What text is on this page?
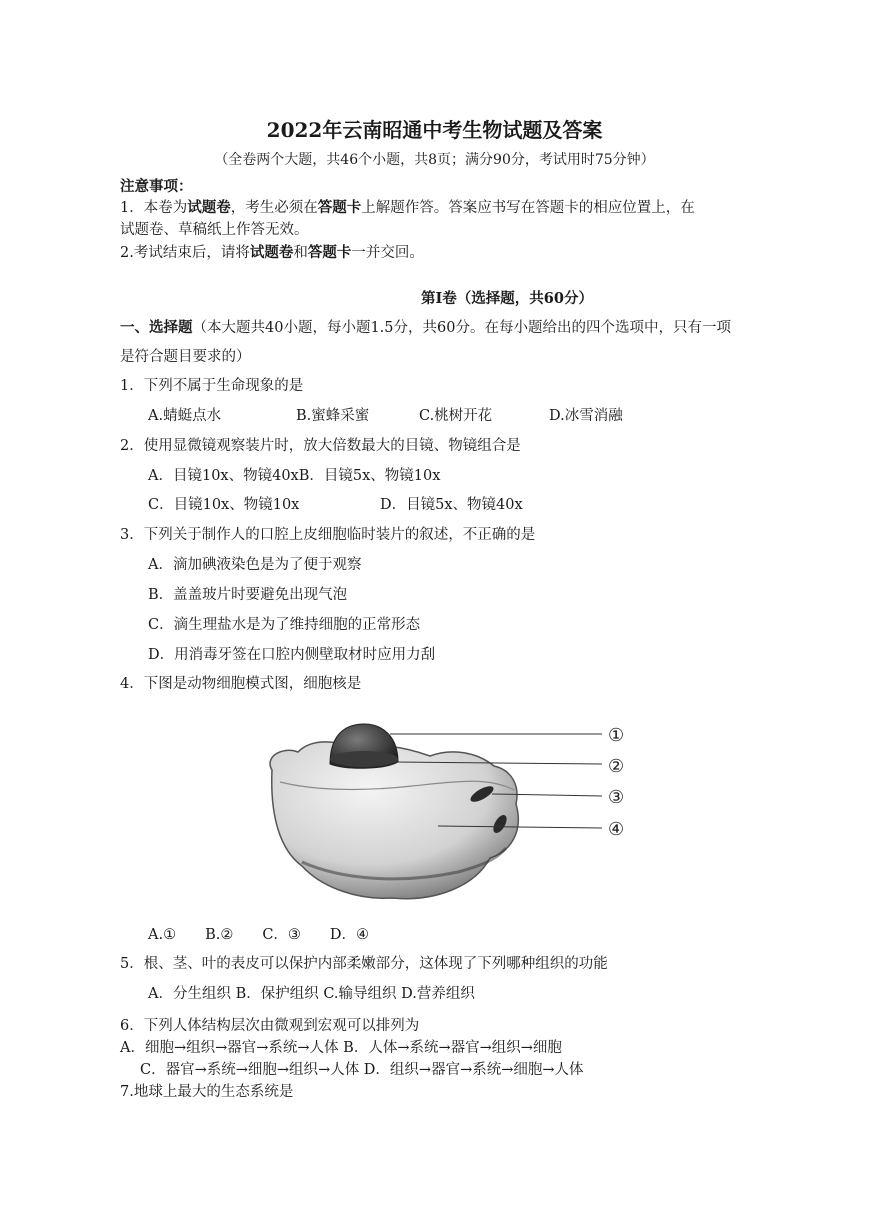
2022年云南昭通中考生物试题及答案
（全卷两个大题，共46个小题，共8页；满分90分，考试用时75分钟）
注意事项：
1．本卷为试题卷，考生必须在答题卡上解题作答。答案应书写在答题卡的相应位置上，在
试题卷、草稿纸上作答无效。
2.考试结束后，请将试题卷和答题卡一并交回。
第Ⅰ卷（选择题，共60分）
一、选择题（本大题共40小题，每小题1.5分，共60分。在每小题给出的四个选项中，只有一项
是符合题目要求的）
1．下列不属于生命现象的是
A.蜻蜓点水	B.蜜蜂采蜜	C.桃树开花	D.冰雪消融
2．使用显微镜观察装片时，放大倍数最大的目镜、物镜组合是
A．目镜10x、物镜40xB．目镜5x、物镜10x
C．目镜10x、物镜10x	D．目镜5x、物镜40x
3．下列关于制作人的口腔上皮细胞临时装片的叙述，不正确的是
A．滴加碘液染色是为了便于观察
B．盖盖玻片时要避免出现气泡
C．滴生理盐水是为了维持细胞的正常形态
D．用消毒牙签在口腔内侧壁取材时应用力刮
4．下图是动物细胞模式图，细胞核是
①
②
③
④
A.①　　B.②　　C．③　　D．④
5．根、茎、叶的表皮可以保护内部柔嫩部分，这体现了下列哪种组织的功能
A．分生组织 B．保护组织 C.输导组织 D.营养组织
6．下列人体结构层次由微观到宏观可以排列为
A．细胞→组织→器官→系统→人体 B．人体→系统→器官→组织→细胞
C．器官→系统→细胞→组织→人体 D．组织→器官→系统→细胞→人体
7.地球上最大的生态系统是
